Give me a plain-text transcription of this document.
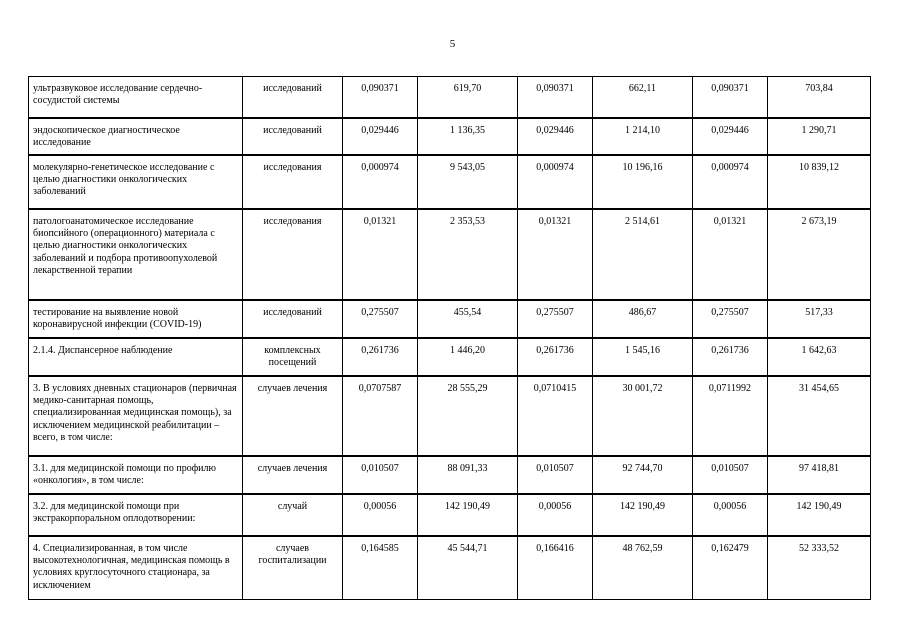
5
ультразвуковое исследование сердечно-сосудистой системы	исследований	0,090371	619,70	0,090371	662,11	0,090371	703,84
эндоскопическое диагностическое исследование	исследований	0,029446	1 136,35	0,029446	1 214,10	0,029446	1 290,71
молекулярно-генетическое исследование с целью диагностики онкологических заболеваний	исследования	0,000974	9 543,05	0,000974	10 196,16	0,000974	10 839,12
патологоанатомическое исследование биопсийного (операционного) материала с целью диагностики онкологических заболеваний и подбора противоопухолевой лекарственной терапии	исследования	0,01321	2 353,53	0,01321	2 514,61	0,01321	2 673,19
тестирование на выявление новой коронавирусной инфекции (COVID-19)	исследований	0,275507	455,54	0,275507	486,67	0,275507	517,33
2.1.4. Диспансерное наблюдение	комплексных посещений	0,261736	1 446,20	0,261736	1 545,16	0,261736	1 642,63
3. В условиях дневных стационаров (первичная медико-санитарная помощь, специализированная медицинская помощь), за исключением медицинской реабилитации – всего, в том числе:	случаев лечения	0,0707587	28 555,29	0,0710415	30 001,72	0,0711992	31 454,65
3.1. для медицинской помощи по профилю «онкология», в том числе:	случаев лечения	0,010507	88 091,33	0,010507	92 744,70	0,010507	97 418,81
3.2. для медицинской помощи при экстракорпоральном оплодотворении:	случай	0,00056	142 190,49	0,00056	142 190,49	0,00056	142 190,49
4. Специализированная, в том числе высокотехнологичная, медицинская помощь в условиях круглосуточного стационара, за исключением	случаев госпитализации	0,164585	45 544,71	0,166416	48 762,59	0,162479	52 333,52
